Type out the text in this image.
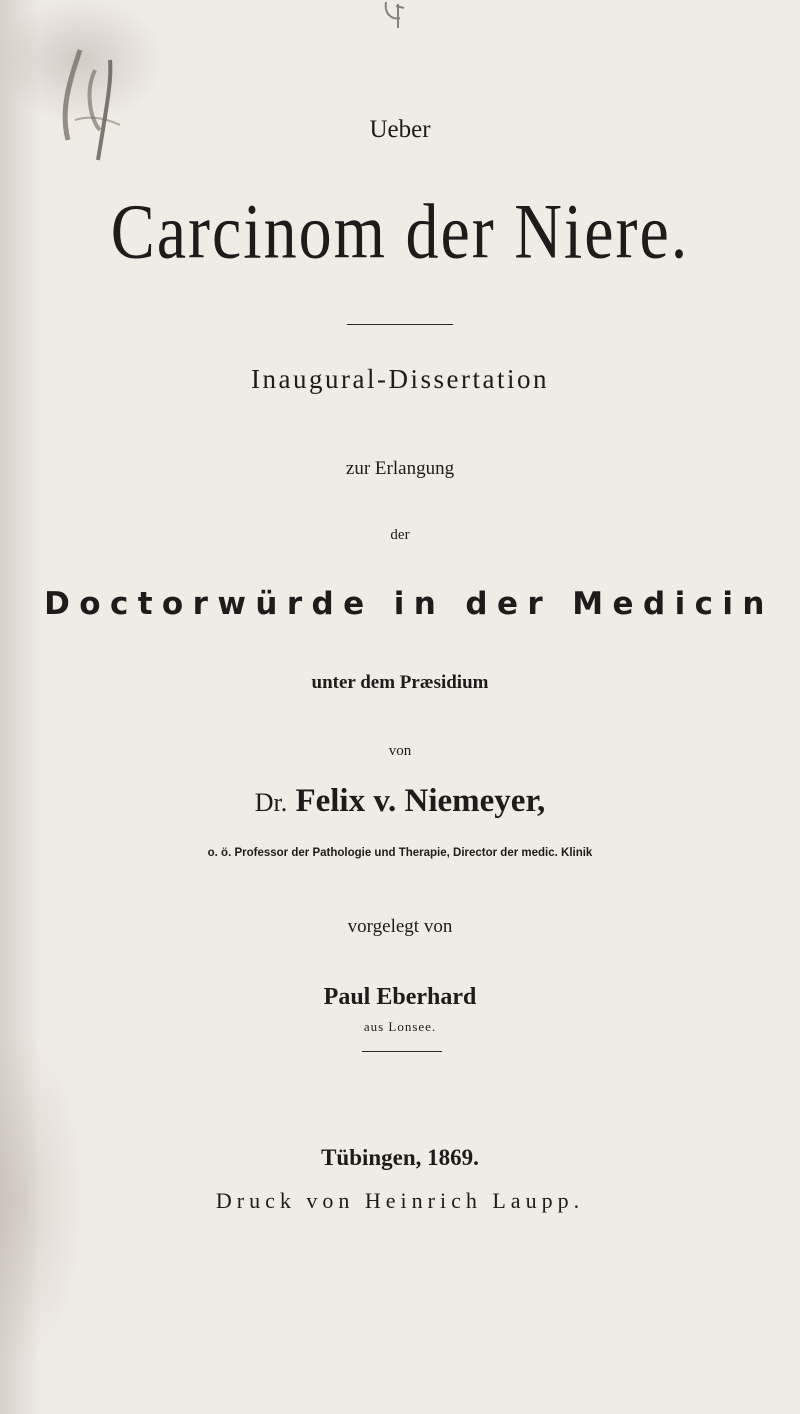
Ueber
Carcinom der Niere.
Inaugural-Dissertation
zur Erlangung
der
Doctorwürde in der Medicin
unter dem Præsidium
von
Dr. Felix v. Niemeyer,
o. ö. Professor der Pathologie und Therapie, Director der medic. Klinik
vorgelegt von
Paul Eberhard
aus Lonsee.
Tübingen, 1869.
Druck von Heinrich Laupp.
